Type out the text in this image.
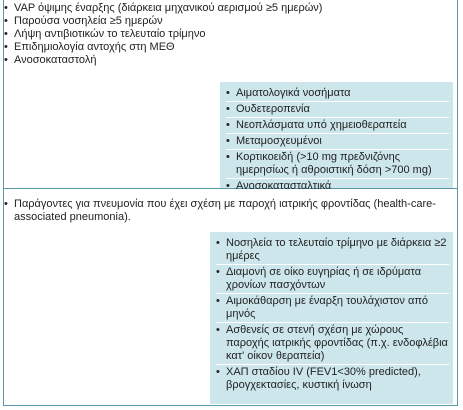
• VAP όψιμης έναρξης (διάρκεια μηχανικού αερισμού ≥5 ημερών)
• Παρούσα νοσηλεία ≥5 ημερών
• Λήψη αντιβιοτικών το τελευταίο τρίμηνο
• Επιδημιολογία αντοχής στη ΜΕΘ
• Ανοσοκαταστολή
• Αιματολογικά νοσήματα
• Ουδετεροπενία
• Νεοπλάσματα υπό χημειοθεραπεία
• Μεταμοσχευμένοι
• Κορτικοειδή (>10 mg πρεδνιζόνης ημερησίως ή αθροιστική δόση >700 mg)
• Ανοσοκατασταλτικά
• Παράγοντες για πνευμονία που έχει σχέση με παροχή ιατρικής φροντίδας (health-care-associated pneumonia).
• Νοσηλεία το τελευταίο τρίμηνο με διάρκεια ≥2 ημέρες
• Διαμονή σε οίκο ευγηρίας ή σε ιδρύματα χρονίων πασχόντων
• Αιμοκάθαρση με έναρξη τουλάχιστον από μηνός
• Ασθενείς σε στενή σχέση με χώρους παροχής ιατρικής φροντίδας (π.χ. ενδοφλέβια κατ' οίκον θεραπεία)
• ΧΑΠ σταδίου IV (FEV1<30% predicted), βρογχεκτασίες, κυστική ίνωση
